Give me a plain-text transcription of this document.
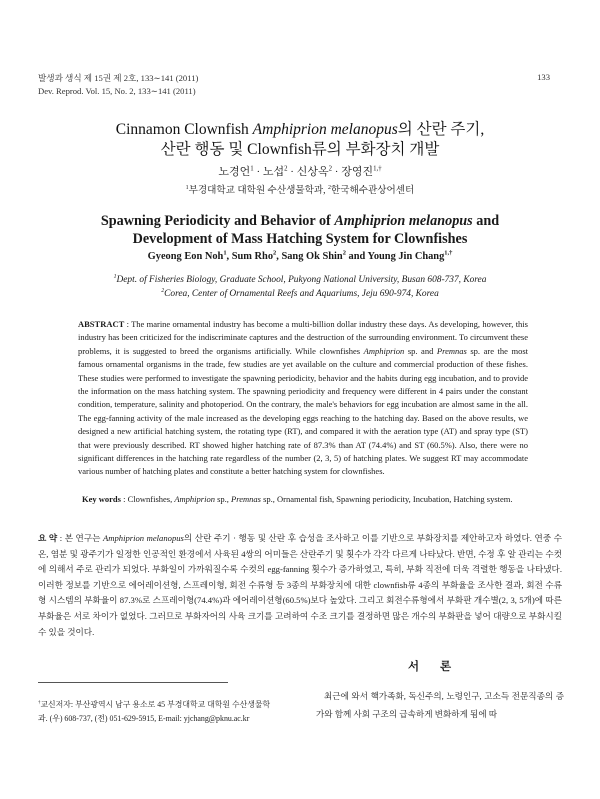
발생과 생식 제 15권 제 2호, 133∼141 (2011)
Dev. Reprod. Vol. 15, No. 2, 133∼141 (2011)
133
Cinnamon Clownfish Amphiprion melanopus의 산란 주기,
산란 행동 및 Clownfish류의 부화장치 개발
노경언$^1$ · 노섭$^2$ · 신상옥$^2$ · 장영진$^{1,\dagger}$
$^1$부경대학교 대학원 수산생물학과, $^2$한국해수관상어센터
Spawning Periodicity and Behavior of Amphiprion melanopus and
Development of Mass Hatching System for Clownfishes
Gyeong Eon Noh$^1$, Sum Rho$^2$, Sang Ok Shin$^2$ and Young Jin Chang$^{1,\dagger}$
$^1$Dept. of Fisheries Biology, Graduate School, Pukyong National University, Busan 608-737, Korea
$^2$Corea, Center of Ornamental Reefs and Aquariums, Jeju 690-974, Korea
ABSTRACT : The marine ornamental industry has become a multi-billion dollar industry these days. As developing, however, this industry has been criticized for the indiscriminate captures and the destruction of the surrounding environment. To circumvent these problems, it is suggested to breed the organisms artificially. While clownfishes Amphiprion sp. and Premnas sp. are the most famous ornamental organisms in the trade, few studies are yet available on the culture and commercial production of these fishes. These studies were performed to investigate the spawning periodicity, behavior and the habits during egg incubation, and to provide the information on the mass hatching system. The spawning periodicity and frequency were different in 4 pairs under the constant condition, temperature, salinity and photoperiod. On the contrary, the male's behaviors for egg incubation are almost same in the all. The egg-fanning activity of the male increased as the developing eggs reaching to the hatching day. Based on the above results, we designed a new artificial hatching system, the rotating type (RT), and compared it with the aeration type (AT) and spray type (ST) that were previously described. RT showed higher hatching rate of 87.3% than AT (74.4%) and ST (60.5%). Also, there were no significant differences in the hatching rate regardless of the number (2, 3, 5) of hatching plates. We suggest RT may accommodate various number of hatching plates and constitute a better hatching system for clownfishes.
Key words : Clownfishes, Amphiprion sp., Premnas sp., Ornamental fish, Spawning periodicity, Incubation, Hatching system.
요 약 : 본 연구는 Amphiprion melanopus의 산란 주기 · 행동 및 산란 후 습성을 조사하고 이를 기반으로 부화장치를 제안하고자 하였다. 연중 수온, 염분 및 광주기가 일정한 인공적인 환경에서 사육된 4쌍의 어미들은 산란주기 및 횟수가 각각 다르게 나타났다. 반면, 수정 후 알 관리는 수컷에 의해서 주로 관리가 되었다. 부화일이 가까워질수록 수컷의 egg-fanning 횟수가 증가하였고, 특히, 부화 직전에 더욱 격렬한 행동을 나타냈다. 이러한 정보를 기반으로 에어레이션형, 스프레이형, 회전 수류형 등 3종의 부화장치에 대한 clownfish류 4종의 부화율을 조사한 결과, 회전 수류형 시스템의 부화율이 87.3%로 스프레이형(74.4%)과 에어레이션형(60.5%)보다 높았다. 그리고 회전수류형에서 부화판 개수별(2, 3, 5개)에 따른 부화율은 서로 차이가 없었다. 그러므로 부화자어의 사육 크기를 고려하여 수조 크기를 결정하면 많은 개수의 부화판을 넣어 대량으로 부화시킬 수 있을 것이다.
서 론
†교신저자: 부산광역시 남구 용소로 45 부경대학교 대학원 수산생물학과. (우) 608-737, (전) 051-629-5915, E-mail: yjchang@pknu.ac.kr
최근에 와서 핵가족화, 독신주의, 노령인구, 고소득 전문직종의 증가와 함께 사회 구조의 급속하게 변화하게 됨에 따
